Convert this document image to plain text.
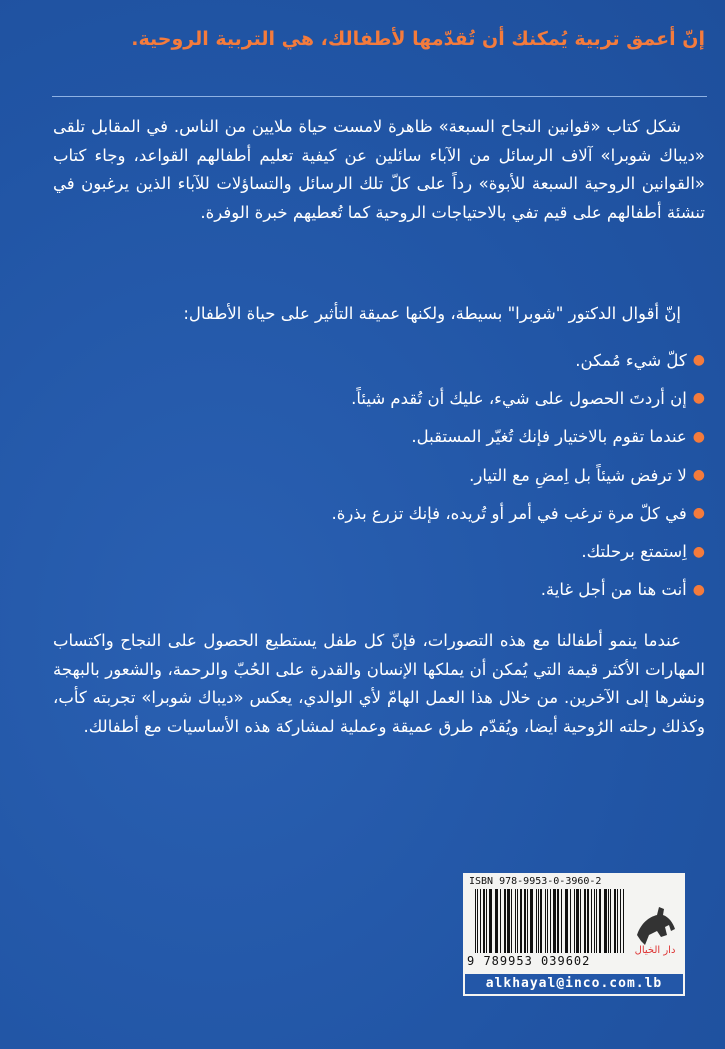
إنّ أعمق تربية يُمكنك أن تُقدّمها لأطفالك، هي التربية الروحية.
شكل كتاب «قوانين النجاح السبعة» ظاهرة لامست حياة ملايين من الناس. في المقابل تلقى «ديباك شوبرا» آلاف الرسائل من الآباء سائلين عن كيفية تعليم أطفالهم القواعد، وجاء كتاب «القوانين الروحية السبعة للأبوة» رداً على كلّ تلك الرسائل والتساؤلات للآباء الذين يرغبون في تنشئة أطفالهم على قيم تفي بالاحتياجات الروحية كما تُعطيهم خبرة الوفرة.
إنّ أقوال الدكتور "شوبرا" بسيطة، ولكنها عميقة التأثير على حياة الأطفال:
●
كلّ شيء مُمكن.
●
إن أردتَ الحصول على شيء، عليك أن تُقدم شيئاً.
●
عندما تقوم بالاختيار فإنك تُغيّر المستقبل.
●
لا ترفض شيئاً بل اِمضِ مع التيار.
●
في كلّ مرة ترغب في أمر أو تُريده، فإنك تزرع بذرة.
●
اِستمتع برحلتك.
●
أنت هنا من أجل غاية.
عندما ينمو أطفالنا مع هذه التصورات، فإنّ كل طفل يستطيع الحصول على النجاح واكتساب المهارات الأكثر قيمة التي يُمكن أن يملكها الإنسان والقدرة على الحُبّ والرحمة، والشعور بالبهجة ونشرها إلى الآخرين. من خلال هذا العمل الهامّ لأي الوالدي، يعكس «ديباك شوبرا» تجربته كأب، وكذلك رحلته الرُوحية أيضا، ويُقدّم طرق عميقة وعملية لمشاركة هذه الأساسيات مع أطفالك.
ISBN 978-9953-0-3960-2
9 789953 039602
دار الخيال
alkhayal@inco.com.lb
